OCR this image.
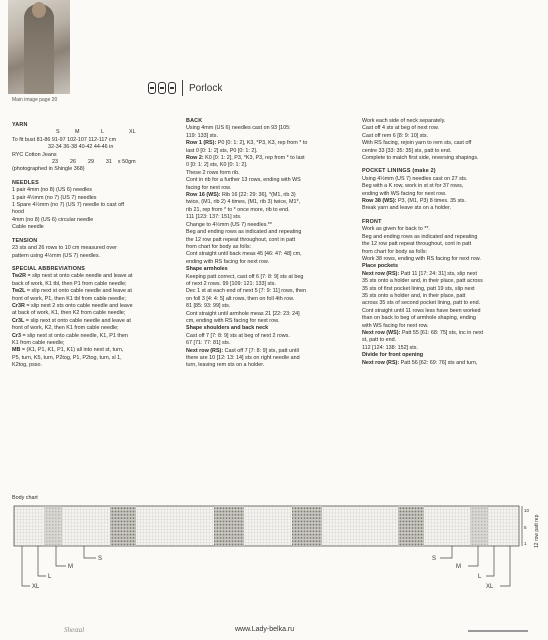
Main image page 20
Porlock

YARN

S	M	L	XL

To fit bust 81-86 91-97 102-107 112-117 cm

32-34 36-38 40-42 44-46 in

RYC Cotton Jeans

23        26        29        31    x 50gm

(photographed in Shingle 368)

NEEDLES

1 pair 4mm (no 8) (US 6) needles

1 pair 4½mm (no 7) (US 7) needles

1 Spare 4½mm (no 7) (US 7) needle to cast off

hood

4mm (no 8) (US 6) circular needle

Cable needle

TENSION

23 sts and 26 rows to 10 cm measured over

pattern using 4½mm (US 7) needles.

SPECIAL ABBREVIATIONS

Tw2R = slip next st onto cable needle and leave at

back of work, K1 tbl, then P1 from cable needle;

Tw2L = slip next st onto cable needle and leave at

front of work, P1, then K1 tbl from cable needle;

Cr3R = slip next 2 sts onto cable needle and leave

at back of work, K1, then K2 from cable needle;

Cr3L = slip next st onto cable needle and leave at

front of work, K2, then K1 from cable needle;

Cr3 = slip next st onto cable needle, K1, P1 then

K1 from cable needle;

MB = (K1, P1, K1, P1, K1) all into next st, turn,

P5, turn, K5, turn, P2tog, P1, P2tog, turn, sl 1,

K2tog, psso.

BACK

Using 4mm (US 6) needles cast on 93 [105:

119: 133] sts.

Row 1 (RS): P0 [0: 1: 2], K3, *P3, K3, rep from * to

last 0 [0: 1: 2] sts, P0 [0: 1: 2].

Row 2: K0 [0: 1: 2], P3, *K3, P3, rep from * to last

0 [0: 1: 2] sts, K0 [0: 1: 2].

These 2 rows form rib.

Cont in rib for a further 13 rows, ending with WS

facing for next row.

Row 16 (WS): Rib 16 [22: 29: 36], *(M1, rib 3)

twice, (M1, rib 2) 4 times, (M1, rib 3) twice, M1*,

rib 21, rep from * to * once more, rib to end.

111 [123: 137: 151] sts.

Change to 4½mm (US 7) needles.**

Beg and ending rows as indicated and repeating

the 12 row patt repeat throughout, cont in patt

from chart for body as folls:

Cont straight until back meas 45 [46: 47: 48] cm,

ending with RS facing for next row.

Shape armholes

Keeping patt correct, cast off 6 [7: 8: 9] sts at beg

of next 2 rows. 99 [109: 121: 133] sts.

Dec 1 st at each end of next 5 [7: 9: 11] rows, then

on foll 3 [4: 4: 5] alt rows, then on foll 4th row.

81 [85: 93: 99] sts.

Cont straight until armhole meas 21 [22: 23: 24]

cm, ending with RS facing for next row.

Shape shoulders and back neck

Cast off 7 [7: 8: 9] sts at beg of next 2 rows.

67 [71: 77: 81] sts.

Next row (RS): Cast off 7 [7: 8: 9] sts, patt until

there are 10 [12: 13: 14] sts on right needle and

turn, leaving rem sts on a holder.

Work each side of neck separately.

Cast off 4 sts at beg of next row.

Cast off rem 6 [8: 9: 10] sts.

With RS facing, rejoin yarn to rem sts, cast off

centre 33 [33: 35: 35] sts, patt to end.

Complete to match first side, reversing shapings.

POCKET LININGS (make 2)

Using 4½mm (US 7) needles cast on 27 sts.

Beg with a K row, work in st st for 37 rows,

ending with WS facing for next row.

Row 38 (WS): P3, (M1, P3) 8 times. 35 sts.

Break yarn and leave sts on a holder.

FRONT

Work as given for back to **.

Beg and ending rows as indicated and repeating

the 12 row patt repeat throughout, cont in patt

from chart for body as folls:

Work 38 rows, ending with RS facing for next row.

Place pockets

Next row (RS): Patt 11 [17: 24: 31] sts, slip next

35 sts onto a holder and, in their place, patt across

35 sts of first pocket lining, patt 19 sts, slip next

35 sts onto a holder and, in their place, patt

across 35 sts of second pocket lining, patt to end.

Cont straight until 11 rows less have been worked

than on back to beg of armhole shaping, ending

with WS facing for next row.

Next row (WS): Patt 55 [61: 68: 75] sts, inc in next

st, patt to end.

112 [124: 138: 152] sts.

Divide for front opening

Next row (RS): Patt 56 [62: 69: 76] sts and turn,

Body chart
S
M
L
XL
S
M
L
XL
10
5
1 12 row patt rep
Shestal	www.Lady-belka.ru
